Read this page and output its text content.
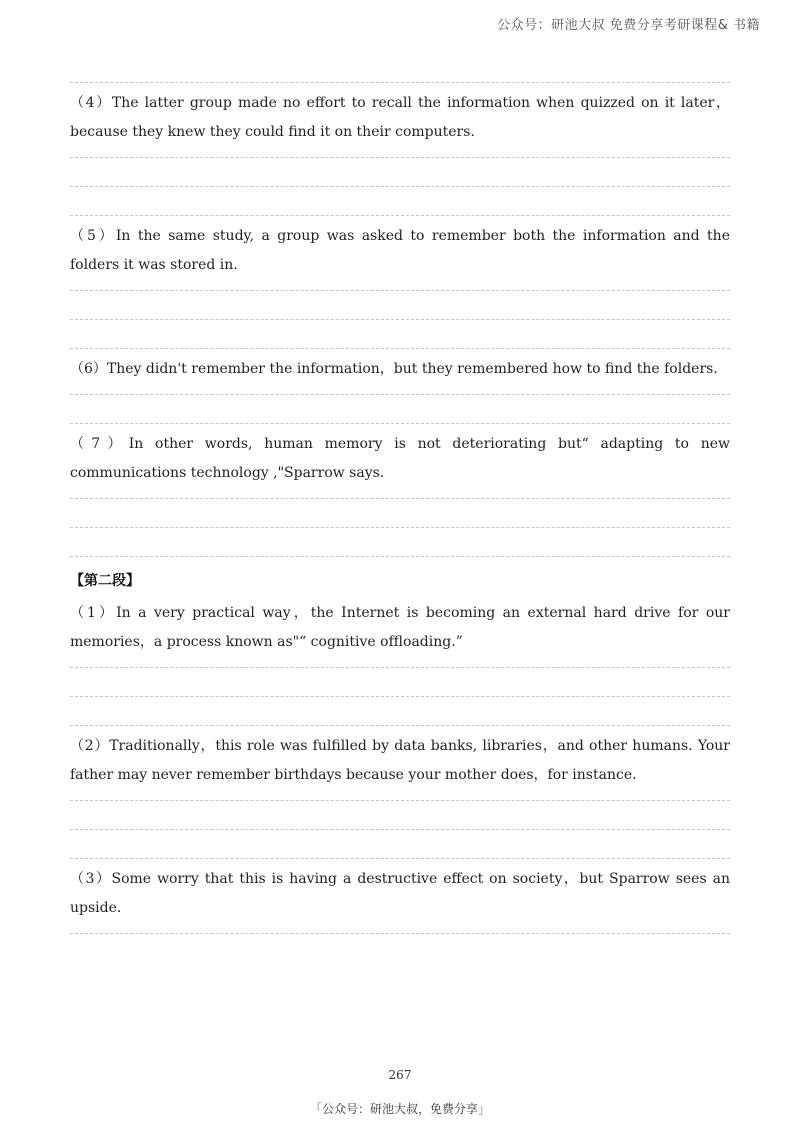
公众号：研池大叔 免费分享考研课程& 书籍

（4）The latter group made no effort to recall the information when quizzed on it later，because they knew they could find it on their computers.

（5）In the same study, a group was asked to remember both the information and the folders it was stored in.

（6）They didn't remember the information，but they remembered how to find the folders.

（7）In other words, human memory is not deteriorating but“ adapting to new communications technology ,"Sparrow says.

【第二段】

（1）In a very practical way，the Internet is becoming an external hard drive for our memories，a process known as"“ cognitive offloading.”

（2）Traditionally，this role was fulfilled by data banks, libraries，and other humans. Your father may never remember birthdays because your mother does，for instance.

（3）Some worry that this is having a destructive effect on society，but Sparrow sees an upside.

267
「公众号：研池大叔，免费分享」
